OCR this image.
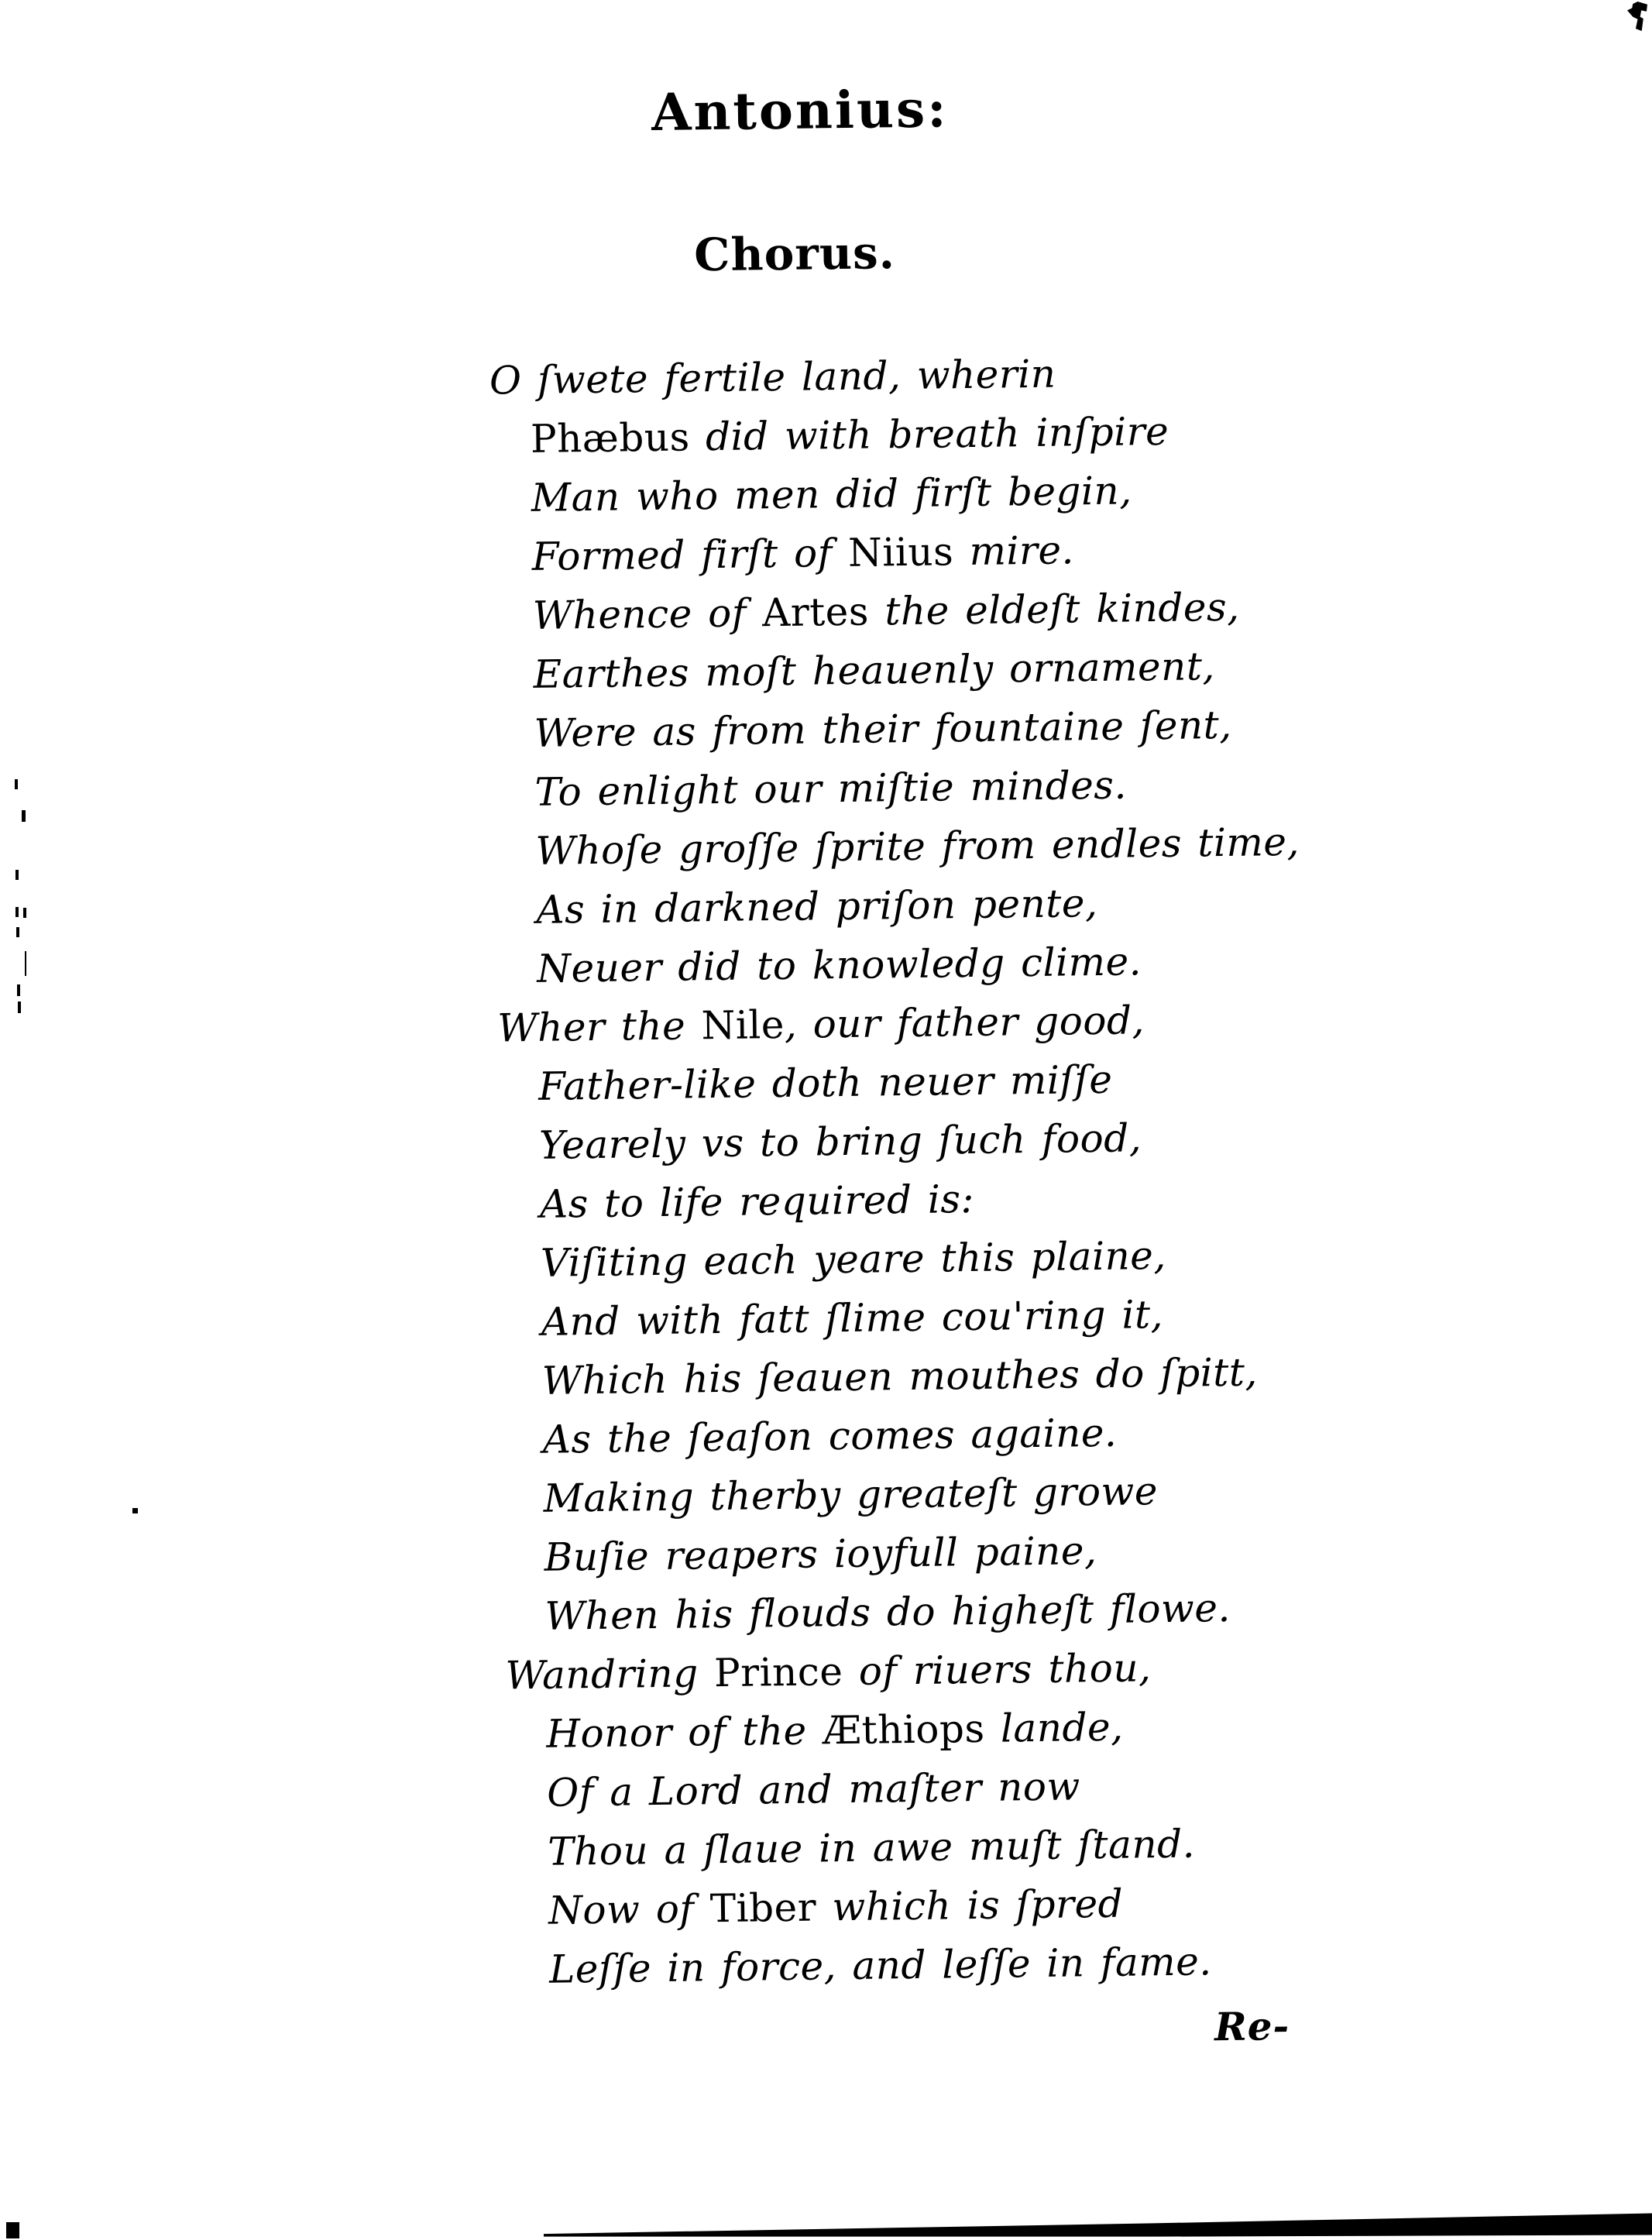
Antonius:
Chorus.
O ſwete fertile land, wherin
Phæbus did with breath inſpire
Man who men did firſt begin,
Formed firſt of Niius mire.
Whence of Artes the eldeſt kindes,
Earthes moſt heauenly ornament,
Were as from their fountaine ſent,
To enlight our miſtie mindes.
Whoſe groſſe ſprite from endles time,
As in darkned priſon pente,
Neuer did to knowledg clime.
Wher the Nile, our father good,
Father-like doth neuer miſſe
Yearely vs to bring ſuch food,
As to life required is:
Viſiting each yeare this plaine,
And with fatt ſlime cou'ring it,
Which his ſeauen mouthes do ſpitt,
As the ſeaſon comes againe.
Making therby greateſt growe
Buſie reapers ioyfull paine,
When his flouds do higheſt flowe.
Wandring Prince of riuers thou,
Honor of the Æthiops lande,
Of a Lord and maſter now
Thou a ſlaue in awe muſt ſtand.
Now of Tiber which is ſpred
Leſſe in force, and leſſe in fame.
Re-
